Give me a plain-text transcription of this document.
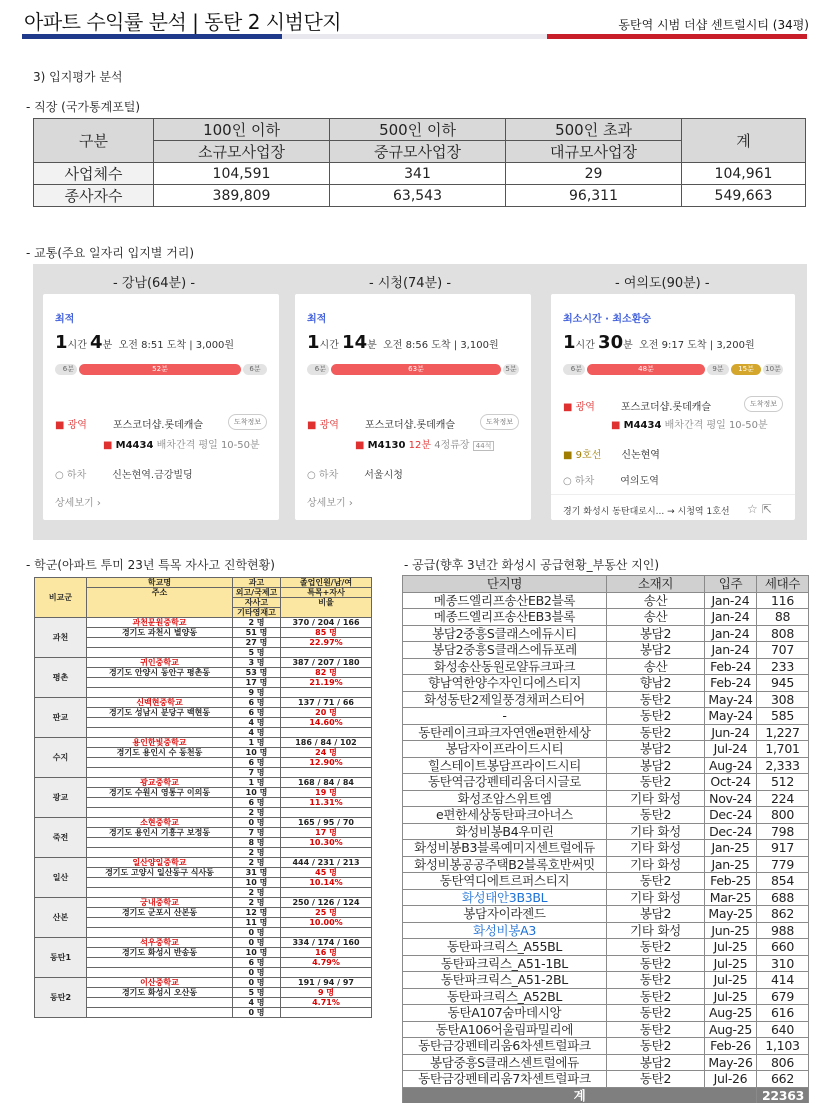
아파트 수익률 분석 | 동탄 2 시범단지	동탄역 시범 더샵 센트럴시티 (34평)
3) 입지평가 분석
- 직장 (국가통계포털)
구분	100인 이하	500인 이하	500인 초과	계
	소규모사업장	중규모사업장	대규모사업장	
사업체수	104,591	341	29	104,961
종사자수	389,809	63,543	96,311	549,663
- 교통(주요 일자리 입지별 거리)
- 강남(64분) -	- 시청(74분) -	- 여의도(90분) -
최적
1시간 4분 오전 8:51 도착 | 3,000원
6분	52분	6분
■ 광역	포스코더샵.롯데캐슬	도착정보
■ M4434 배차간격 평일 10-50분
○ 하차	신논현역.금강빌딩
상세보기 ›
최적
1시간 14분 오전 8:56 도착 | 3,100원
6분	63분	5분
■ 광역	포스코더샵.롯데캐슬	도착정보
■ M4130 12분 4정류장 44석
○ 하차	서울시청
상세보기 ›
최소시간 · 최소환승
1시간 30분 오전 9:17 도착 | 3,200원
6분	48분	9분	15분	10분
■ 광역	포스코더샵.롯데캐슬	도착정보
■ M4434 배차간격 평일 10-50분
■ 9호선 신논현역
○ 하차	여의도역
경기 화성시 동탄대로시... → 시청역 1호선 ☆ ⇱
- 학군(아파트 투미 23년 특목 자사고 진학현황)	- 공급(향후 3년간 화성시 공급현황_부동산 지인)
비교군	학교명	과고	졸업인원/남/여
	주소	외고/국제고	특목+자사
		자사고	비율
		기타영재고	
과천	과천문원중학교	2 명	370 / 204 / 166
	경기도 과천시 별양동	51 명	85 명
		27 명	22.97%
		5 명	
평촌	귀인중학교	3 명	387 / 207 / 180
	경기도 안양시 동안구 평촌동	53 명	82 명
		17 명	21.19%
		9 명	
판교	신백현중학교	6 명	137 / 71 / 66
	경기도 성남시 분당구 백현동	6 명	20 명
		4 명	14.60%
		4 명	
수지	용인한빛중학교	1 명	186 / 84 / 102
	경기도 용인시 수 동천동	10 명	24 명
		6 명	12.90%
		7 명	
광교	광교중학교	1 명	168 / 84 / 84
	경기도 수원시 영통구 이의동	10 명	19 명
		6 명	11.31%
		2 명	
죽전	소현중학교	0 명	165 / 95 / 70
	경기도 용인시 기흥구 보정동	7 명	17 명
		8 명	10.30%
		2 명	
일산	일산양일중학교	2 명	444 / 231 / 213
	경기도 고양시 일산동구 식사동	31 명	45 명
		10 명	10.14%
		2 명	
산본	궁내중학교	2 명	250 / 126 / 124
	경기도 군포시 산본동	12 명	25 명
		11 명	10.00%
		0 명	
동탄1	석우중학교	0 명	334 / 174 / 160
	경기도 화성시 반송동	10 명	16 명
		6 명	4.79%
		0 명	
동탄2	이산중학교	0 명	191 / 94 / 97
	경기도 화성시 오산동	5 명	9 명
		4 명	4.71%
		0 명	
단지명	소재지	입주	세대수
메종드엘리프송산EB2블록	송산	Jan-24	116
메종드엘리프송산EB3블록	송산	Jan-24	88
봉담2중흥S클래스에듀시티	봉담2	Jan-24	808
봉담2중흥S클래스에듀포레	봉담2	Jan-24	707
화성송산동원로얄듀크파크	송산	Feb-24	233
향남역한양수자인디에스티지	향남2	Feb-24	945
화성동탄2제일풍경채퍼스티어	동탄2	May-24	308
-	동탄2	May-24	585
동탄레이크파크자연앤e편한세상	동탄2	Jun-24	1,227
봉담자이프라이드시티	봉담2	Jul-24	1,701
힐스테이트봉담프라이드시티	봉담2	Aug-24	2,333
동탄역금강펜테리움더시글로	동탄2	Oct-24	512
화성조암스위트엠	기타 화성	Nov-24	224
e편한세상동탄파크아너스	동탄2	Dec-24	800
화성비봉B4우미린	기타 화성	Dec-24	798
화성비봉B3블록예미지센트럴에듀	기타 화성	Jan-25	917
화성비봉공공주택B2블록호반써밋	기타 화성	Jan-25	779
동탄역디에트르퍼스티지	동탄2	Feb-25	854
화성태안3B3BL	기타 화성	Mar-25	688
봉담자이라젠드	봉담2	May-25	862
화성비봉A3	기타 화성	Jun-25	988
동탄파크릭스_A55BL	동탄2	Jul-25	660
동탄파크릭스_A51-1BL	동탄2	Jul-25	310
동탄파크릭스_A51-2BL	동탄2	Jul-25	414
동탄파크릭스_A52BL	동탄2	Jul-25	679
동탄A107숨마데시앙	동탄2	Aug-25	616
동탄A106어울림파밀리에	동탄2	Aug-25	640
동탄금강펜테리움6차센트럴파크	동탄2	Feb-26	1,103
봉담중흥S클래스센트럴에듀	봉담2	May-26	806
동탄금강펜테리움7차센트럴파크	동탄2	Jul-26	662
계			22363
